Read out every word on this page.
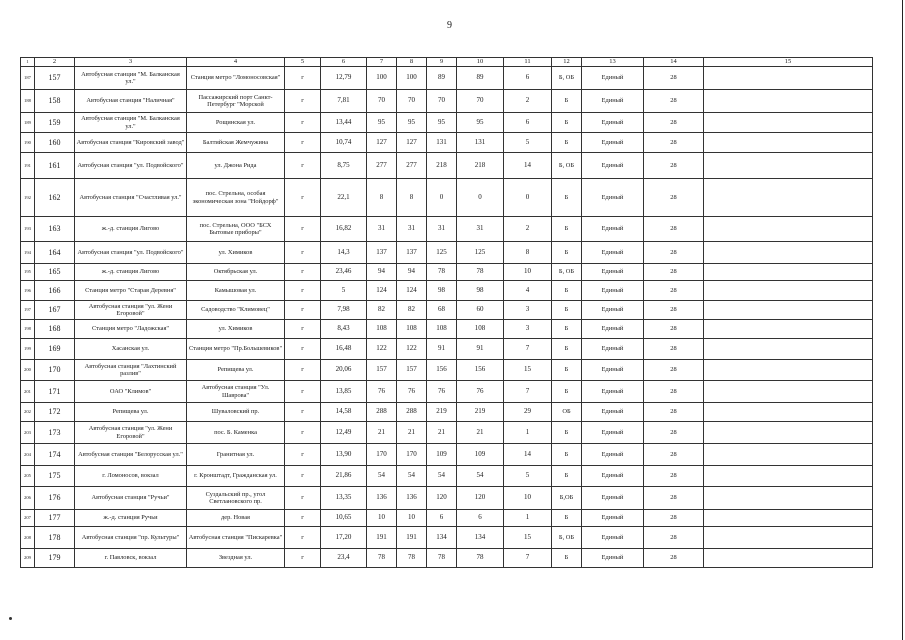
9
1	2	3	4	5	6	7	8	9	10	11	12	13	14	15
187	157	Автобусная станция "М. Балканская ул."	Станция метро "Ломоносовская"	г	12,79	100	100	89	89	6	Б, ОБ	Единый	28	
188	158	Автобусная станция "Наличная"	Пассажирский порт Санкт-Петербург "Морской	г	7,81	70	70	70	70	2	Б	Единый	28	
189	159	Автобусная станция "М. Балканская ул."	Рощинская ул.	г	13,44	95	95	95	95	6	Б	Единый	28	
190	160	Автобусная станция "Кировский завод"	Балтийская Жемчужина	г	10,74	127	127	131	131	5	Б	Единый	28	
191	161	Автобусная станция "ул. Подвойского"	ул. Джона Рида	г	8,75	277	277	218	218	14	Б, ОБ	Единый	28	
192	162	Автобусная станция "Счастливая ул."	пос. Стрельна, особая экономическая зона "Нойдорф"	г	22,1	8	8	0	0	0	Б	Единый	28	
193	163	ж.-д. станция Лигово	пос. Стрельна, ООО "БСХ Бытовые приборы"	г	16,82	31	31	31	31	2	Б	Единый	28	
194	164	Автобусная станция "ул. Подвойского"	ул. Химиков	г	14,3	137	137	125	125	8	Б	Единый	28	
195	165	ж.-д. станция Лигово	Октябрьская ул.	г	23,46	94	94	78	78	10	Б, ОБ	Единый	28	
196	166	Станция метро "Старая Деревня"	Камышовая ул.	г	5	124	124	98	98	4	Б	Единый	28	
197	167	Автобусная станция "ул. Жени Егоровой"	Садоводство "Климовец"	г	7,98	82	82	68	60	3	Б	Единый	28	
198	168	Станция метро "Ладожская"	ул. Химиков	г	8,43	108	108	108	108	3	Б	Единый	28	
199	169	Хасанская ул.	Станция метро "Пр.Большевиков"	г	16,48	122	122	91	91	7	Б	Единый	28	
200	170	Автобусная станция "Лахтинский разлив"	Репищева ул.	г	20,06	157	157	156	156	15	Б	Единый	28	
201	171	ОАО "Климов"	Автобусная станция "Ул. Шаврова"	г	13,85	76	76	76	76	7	Б	Единый	28	
202	172	Репищева ул.	Шуваловский пр.	г	14,58	288	288	219	219	29	ОБ	Единый	28	
203	173	Автобусная станция "ул. Жени Егоровой"	пос. Б. Каменка	г	12,49	21	21	21	21	1	Б	Единый	28	
204	174	Автобусная станция "Белорусская ул."	Гранитная ул.	г	13,90	170	170	109	109	14	Б	Единый	28	
205	175	г. Ломоносов, вокзал	г. Кронштадт, Гражданская ул.	г	21,86	54	54	54	54	5	Б	Единый	28	
206	176	Автобусная станция "Ручьи"	Суздальский пр., угол Светлановского пр.	г	13,35	136	136	120	120	10	Б,ОБ	Единый	28	
207	177	ж.-д. станция Ручьи	дер. Новая	г	10,65	10	10	6	6	1	Б	Единый	28	
208	178	Автобусная станция "пр. Культуры"	Автобусная станция "Пискаревка"	г	17,20	191	191	134	134	15	Б, ОБ	Единый	28	
209	179	г. Павловск, вокзал	Звездная ул.	г	23,4	78	78	78	78	7	Б	Единый	28	
